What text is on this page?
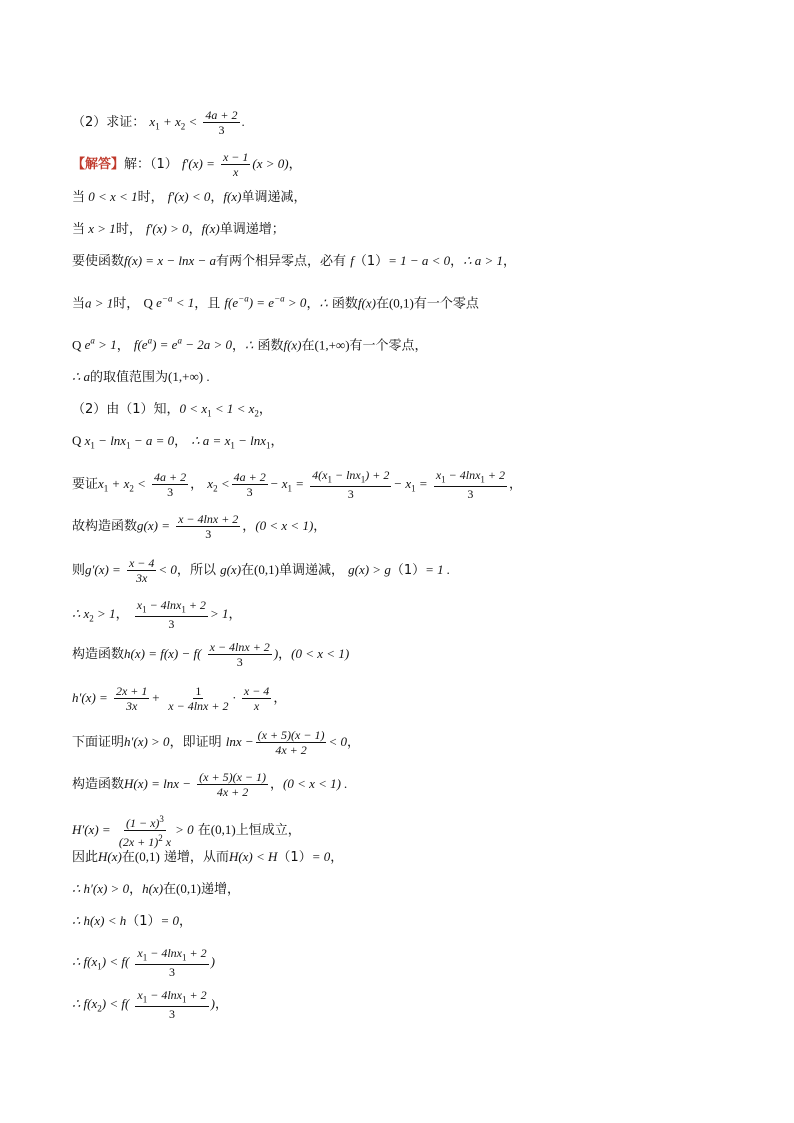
（2）求证： $x_1 + x_2 < \frac{4a + 2}{3}$ .
【解答】解：（1） $f'(x) = \frac{x - 1}{x} (x > 0)$，
当 0 < x < 1时， f′(x) < 0，f(x)单调递减，
当 x > 1时， f′(x) > 0，f(x)单调递增；
要使函数f(x) = x − lnx − a有两个相异零点，必有 f（1）= 1 − a < 0，∴ a > 1，
当a > 1时， Q $e^{-a} < 1$，且 $f(e^{-a}) = e^{-a} > 0$，∴ 函数f(x)在(0,1)有一个零点
Q $e^a > 1$， $f(e^a) = e^a - 2a > 0$，∴ 函数f(x)在(1,+∞)有一个零点，
∴ a的取值范围为(1,+∞) .
（2）由（1）知，$0 < x_1 < 1 < x_2$，
Q $x_1 - \ln x_1 - a = 0$， ∴ $a = x_1 - \ln x_1$，
要证$x_1 + x_2 < \frac{4a + 2}{3}$ ， $x_2 < \frac{4a + 2}{3} - x_1 = \frac{4(x_1 - \ln x_1) + 2}{3} - x_1 = \frac{x_1 - 4\ln x_1 + 2}{3}$ ，
故构造函数$g(x) = \frac{x - 4\ln x + 2}{3}$ ，(0 < x < 1)，
则$g'(x) = \frac{x - 4}{3x} < 0$，所以 g(x)在(0,1)单调递减， g(x) > g（1）= 1 .
∴ $x_2 > 1$， $\frac{x_1 - 4\ln x_1 + 2}{3} > 1$，
构造函数$h(x) = f(x) - f( \frac{x - 4\ln x + 2}{3}$ )，(0 < x < 1)
$h'(x) = \frac{2x + 1}{3x} + \frac{1}{x - 4\ln x + 2} \cdot \frac{x - 4}{x}$ ，
下面证明h′(x) > 0，即证明 $\ln x - \frac{(x + 5)(x - 1)}{4x + 2} < 0$，
构造函数$H(x) = \ln x - \frac{(x + 5)(x - 1)}{4x + 2}$ ，(0 < x < 1) .
$H'(x) = \frac{(1 - x)^3}{(2x + 1)^2 x} > 0$ 在(0,1)上恒成立，
因此H(x)在(0,1) 递增，从而H(x) < H（1）= 0，
∴ h′(x) > 0，h(x)在(0,1)递增，
∴ h(x) < h（1）= 0，
∴ $f(x_1) < f( \frac{x_1 - 4\ln x_1 + 2}{3}$ )
∴ $f(x_2) < f( \frac{x_1 - 4\ln x_1 + 2}{3}$ )，
